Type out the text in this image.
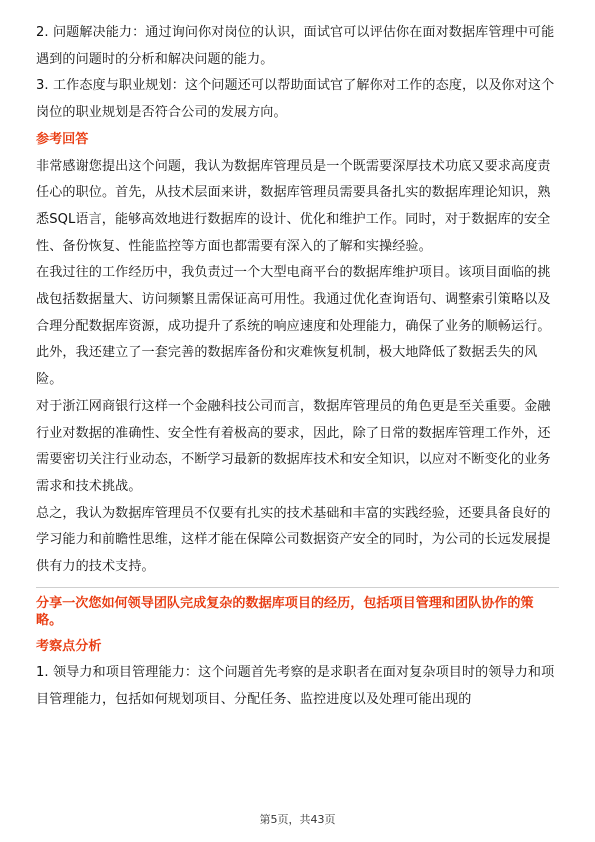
2. 问题解决能力：通过询问你对岗位的认识，面试官可以评估你在面对数据库管理中可能遇到的问题时的分析和解决问题的能力。

3. 工作态度与职业规划：这个问题还可以帮助面试官了解你对工作的态度，以及你对这个岗位的职业规划是否符合公司的发展方向。

参考回答

非常感谢您提出这个问题，我认为数据库管理员是一个既需要深厚技术功底又要求高度责任心的职位。首先，从技术层面来讲，数据库管理员需要具备扎实的数据库理论知识，熟悉SQL语言，能够高效地进行数据库的设计、优化和维护工作。同时，对于数据库的安全性、备份恢复、性能监控等方面也都需要有深入的了解和实操经验。

在我过往的工作经历中，我负责过一个大型电商平台的数据库维护项目。该项目面临的挑战包括数据量大、访问频繁且需保证高可用性。我通过优化查询语句、调整索引策略以及合理分配数据库资源，成功提升了系统的响应速度和处理能力，确保了业务的顺畅运行。此外，我还建立了一套完善的数据库备份和灾难恢复机制，极大地降低了数据丢失的风险。

对于浙江网商银行这样一个金融科技公司而言，数据库管理员的角色更是至关重要。金融行业对数据的准确性、安全性有着极高的要求，因此，除了日常的数据库管理工作外，还需要密切关注行业动态，不断学习最新的数据库技术和安全知识，以应对不断变化的业务需求和技术挑战。

总之，我认为数据库管理员不仅要有扎实的技术基础和丰富的实践经验，还要具备良好的学习能力和前瞻性思维，这样才能在保障公司数据资产安全的同时，为公司的长远发展提供有力的技术支持。

分享一次您如何领导团队完成复杂的数据库项目的经历，包括项目管理和团队协作的策略。
考察点分析

1. 领导力和项目管理能力：这个问题首先考察的是求职者在面对复杂项目时的领导力和项目管理能力，包括如何规划项目、分配任务、监控进度以及处理可能出现的

第5页，共43页
